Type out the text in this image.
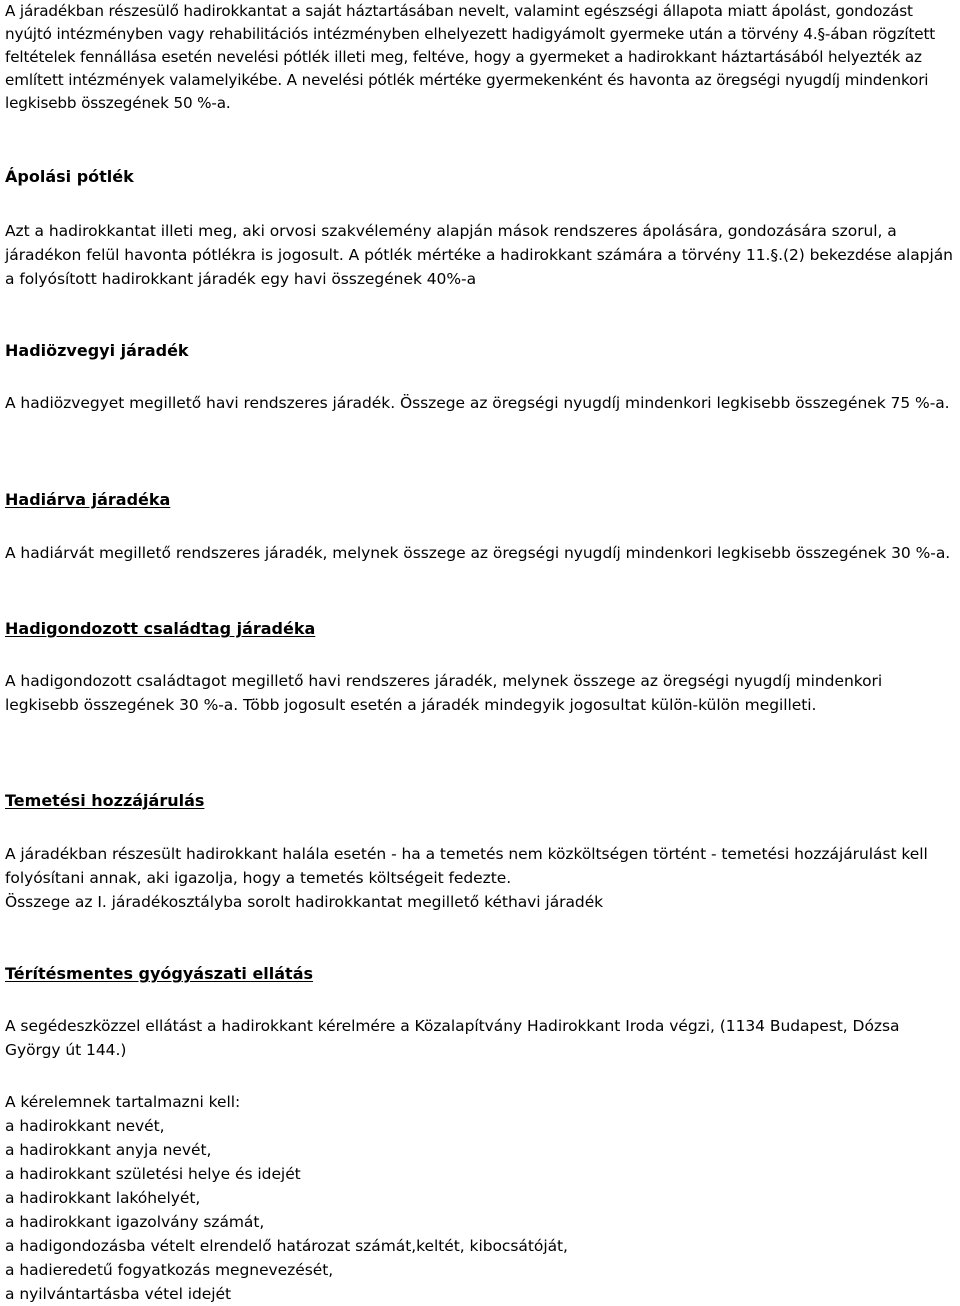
A járadékban részesülő hadirokkantat a saját háztartásában nevelt, valamint egészségi állapota miatt ápolást, gondozást nyújtó intézményben vagy rehabilitációs intézményben elhelyezett hadigyámolt gyermeke után a törvény 4.§-ában rögzített feltételek fennállása esetén nevelési pótlék illeti meg, feltéve, hogy a gyermeket a hadirokkant háztartásából helyezték az említett intézmények valamelyikébe. A nevelési pótlék mértéke gyermekenként és havonta az öregségi nyugdíj mindenkori legkisebb összegének 50 %-a.

Ápolási pótlék

Azt a hadirokkantat illeti meg, aki orvosi szakvélemény alapján mások rendszeres ápolására, gondozására szorul, a járadékon felül havonta pótlékra is jogosult. A pótlék mértéke a hadirokkant számára a törvény 11.§.(2) bekezdése alapján a folyósított hadirokkant járadék egy havi összegének 40%-a

Hadiözvegyi járadék

A hadiözvegyet megillető havi rendszeres járadék. Összege az öregségi nyugdíj mindenkori legkisebb összegének 75 %-a.

Hadiárva járadéka

A hadiárvát megillető rendszeres járadék, melynek összege az öregségi nyugdíj mindenkori legkisebb összegének 30 %-a.

Hadigondozott családtag járadéka

A hadigondozott családtagot megillető havi rendszeres járadék, melynek összege az öregségi nyugdíj mindenkori legkisebb összegének 30 %-a. Több jogosult esetén a járadék mindegyik jogosultat külön-külön megilleti.

Temetési hozzájárulás

A járadékban részesült hadirokkant halála esetén - ha a temetés nem közköltségen történt - temetési hozzájárulást kell folyósítani annak, aki igazolja, hogy a temetés költségeit fedezte.

Összege az I. járadékosztályba sorolt hadirokkantat megillető kéthavi járadék

Térítésmentes gyógyászati ellátás

A segédeszközzel ellátást a hadirokkant kérelmére a Közalapítvány Hadirokkant Iroda végzi, (1134 Budapest, Dózsa György út 144.)

A kérelemnek tartalmazni kell:

a hadirokkant nevét,

a hadirokkant anyja nevét,

a hadirokkant születési helye és idejét

a hadirokkant lakóhelyét,

a hadirokkant igazolvány számát,

a hadigondozásba vételt elrendelő határozat számát,keltét, kibocsátóját,

a hadieredetű fogyatkozás megnevezését,

a nyilvántartásba vétel idejét
